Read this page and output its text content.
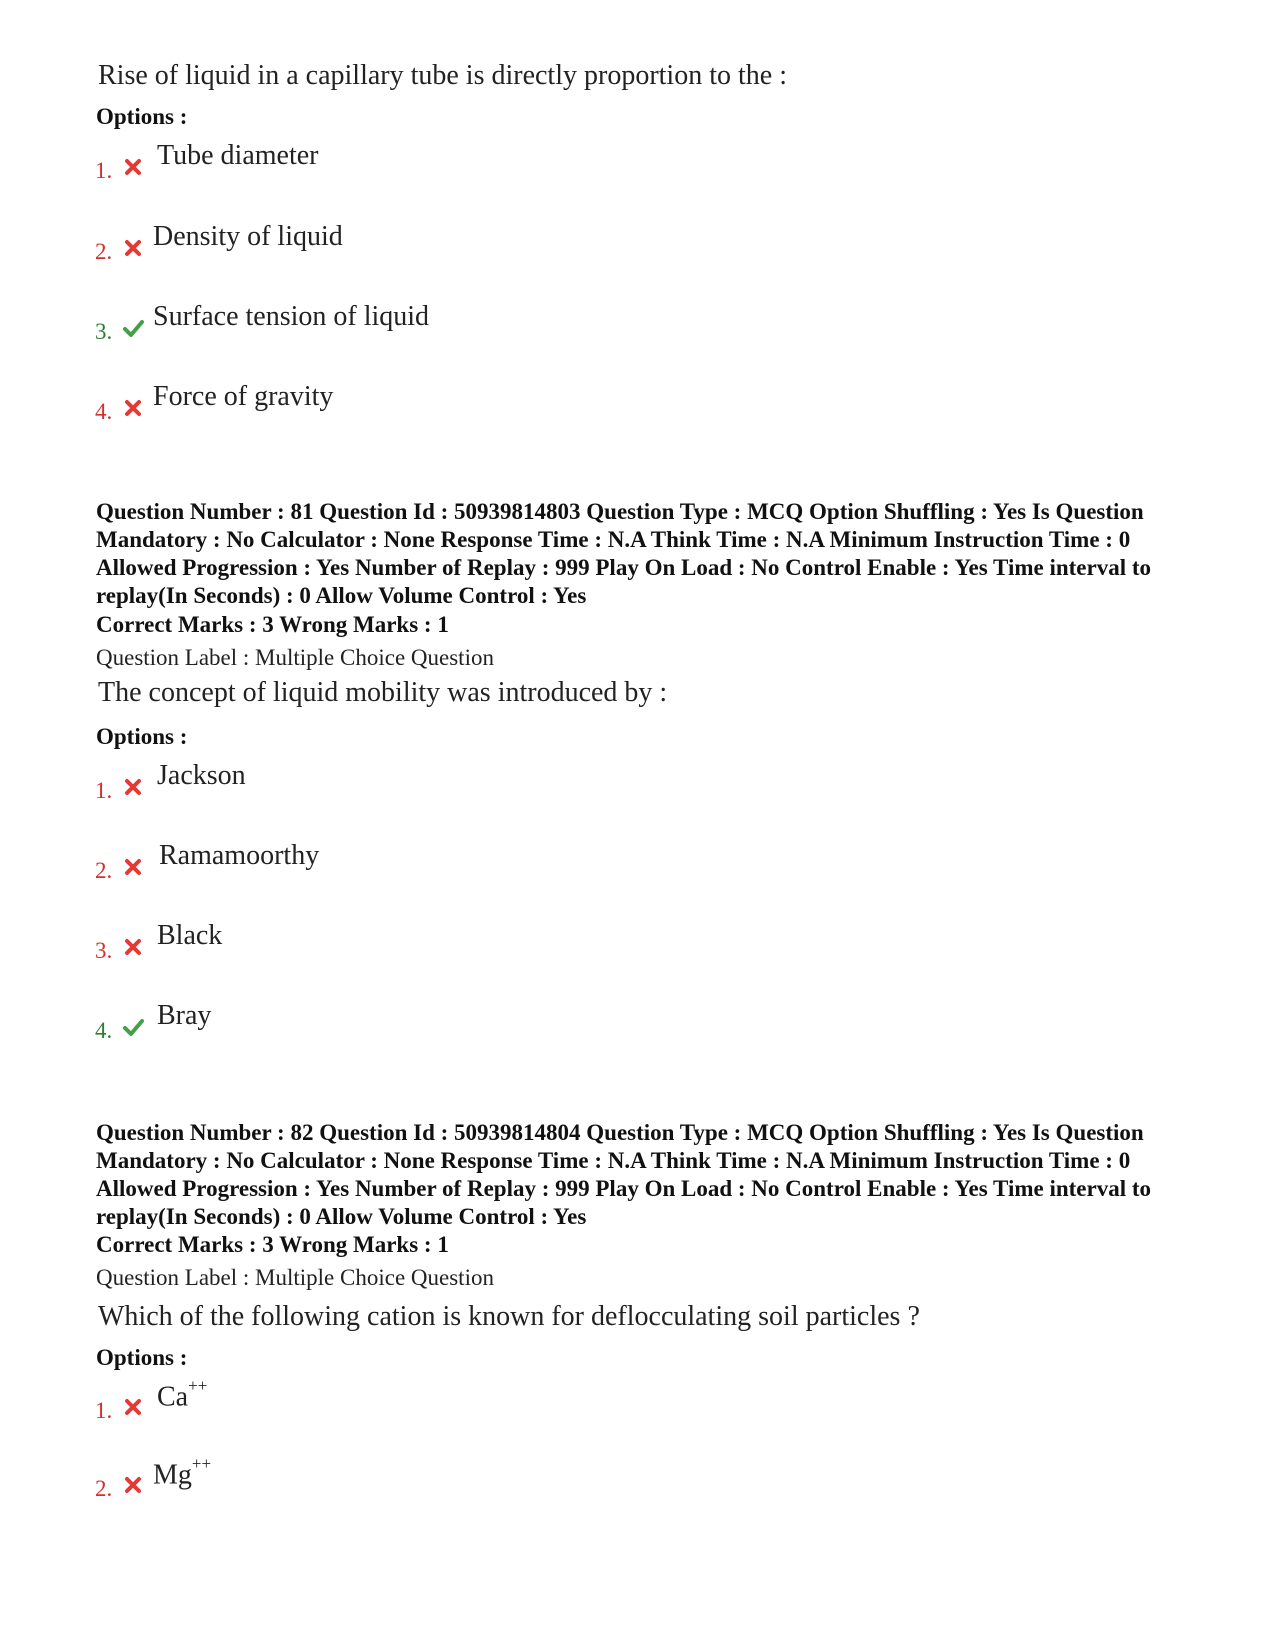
Rise of liquid in a capillary tube is directly proportion to the :
Options :
1. Tube diameter
2. Density of liquid
3. Surface tension of liquid
4. Force of gravity
Question Number : 81 Question Id : 50939814803 Question Type : MCQ Option Shuffling : Yes Is Question Mandatory : No Calculator : None Response Time : N.A Think Time : N.A Minimum Instruction Time : 0 Allowed Progression : Yes Number of Replay : 999 Play On Load : No Control Enable : Yes Time interval to replay(In Seconds) : 0 Allow Volume Control : Yes
Correct Marks : 3 Wrong Marks : 1
Question Label : Multiple Choice Question
The concept of liquid mobility was introduced by :
Options :
1. Jackson
2. Ramamoorthy
3. Black
4. Bray
Question Number : 82 Question Id : 50939814804 Question Type : MCQ Option Shuffling : Yes Is Question Mandatory : No Calculator : None Response Time : N.A Think Time : N.A Minimum Instruction Time : 0 Allowed Progression : Yes Number of Replay : 999 Play On Load : No Control Enable : Yes Time interval to replay(In Seconds) : 0 Allow Volume Control : Yes
Correct Marks : 3 Wrong Marks : 1
Question Label : Multiple Choice Question
Which of the following cation is known for deflocculating soil particles ?
Options :
1. Ca++
2. Mg++
